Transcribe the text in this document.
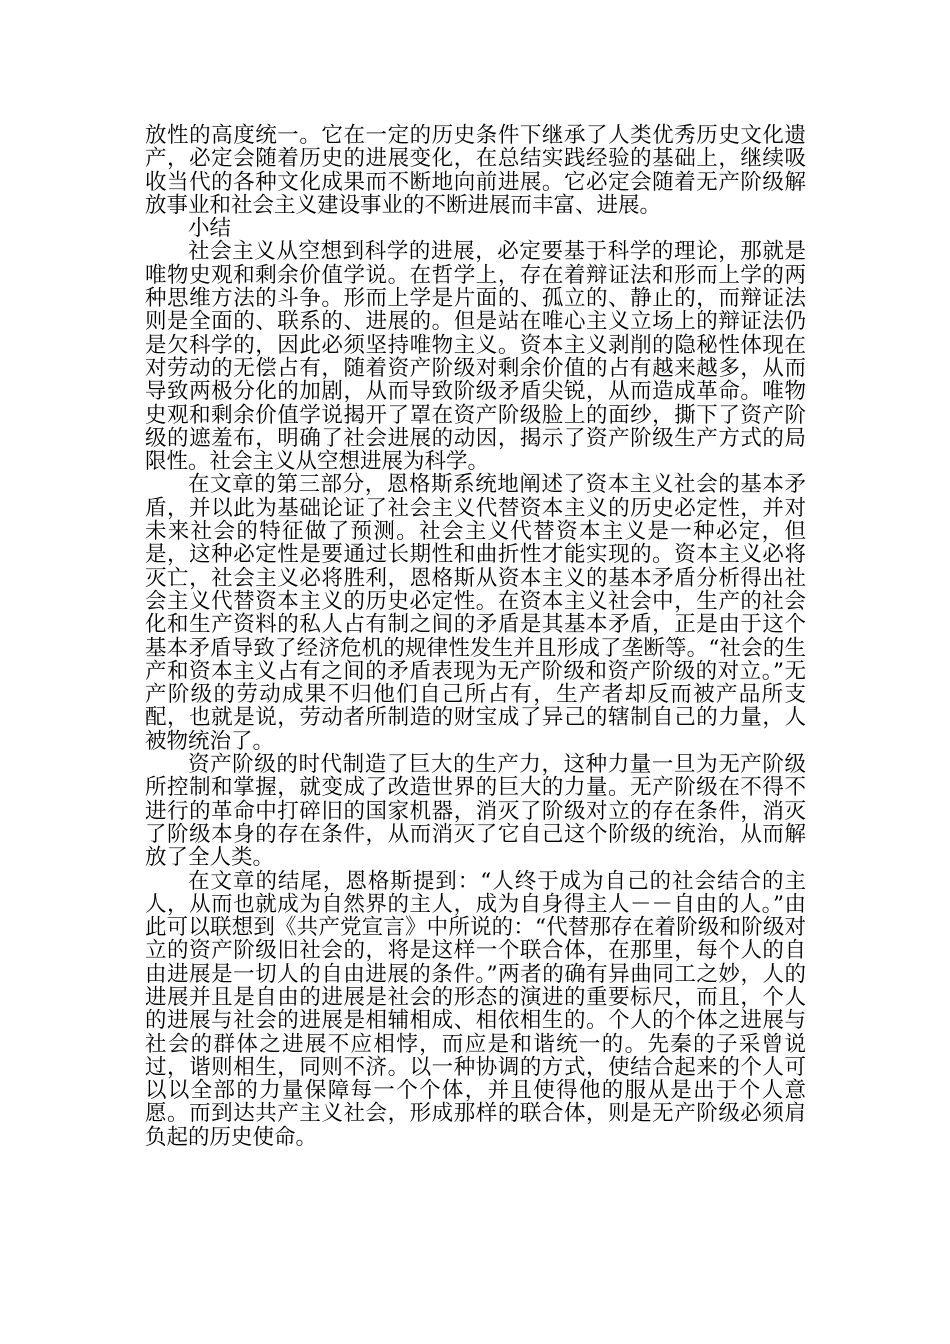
放性的高度统一。它在一定的历史条件下继承了人类优秀历史文化遗产，必定会随着历史的进展变化，在总结实践经验的基础上，继续吸收当代的各种文化成果而不断地向前进展。它必定会随着无产阶级解放事业和社会主义建设事业的不断进展而丰富、进展。

小结

社会主义从空想到科学的进展，必定要基于科学的理论，那就是唯物史观和剩余价值学说。在哲学上，存在着辩证法和形而上学的两种思维方法的斗争。形而上学是片面的、孤立的、静止的，而辩证法则是全面的、联系的、进展的。但是站在唯心主义立场上的辩证法仍是欠科学的，因此必须坚持唯物主义。资本主义剥削的隐秘性体现在对劳动的无偿占有，随着资产阶级对剩余价值的占有越来越多，从而导致两极分化的加剧，从而导致阶级矛盾尖锐，从而造成革命。唯物史观和剩余价值学说揭开了罩在资产阶级脸上的面纱，撕下了资产阶级的遮羞布，明确了社会进展的动因，揭示了资产阶级生产方式的局限性。社会主义从空想进展为科学。

在文章的第三部分，恩格斯系统地阐述了资本主义社会的基本矛盾，并以此为基础论证了社会主义代替资本主义的历史必定性，并对未来社会的特征做了预测。社会主义代替资本主义是一种必定，但是，这种必定性是要通过长期性和曲折性才能实现的。资本主义必将灭亡，社会主义必将胜利，恩格斯从资本主义的基本矛盾分析得出社会主义代替资本主义的历史必定性。在资本主义社会中，生产的社会化和生产资料的私人占有制之间的矛盾是其基本矛盾，正是由于这个基本矛盾导致了经济危机的规律性发生并且形成了垄断等。“社会的生产和资本主义占有之间的矛盾表现为无产阶级和资产阶级的对立。”无产阶级的劳动成果不归他们自己所占有，生产者却反而被产品所支配，也就是说，劳动者所制造的财宝成了异己的辖制自己的力量，人被物统治了。

资产阶级的时代制造了巨大的生产力，这种力量一旦为无产阶级所控制和掌握，就变成了改造世界的巨大的力量。无产阶级在不得不进行的革命中打碎旧的国家机器，消灭了阶级对立的存在条件，消灭了阶级本身的存在条件，从而消灭了它自己这个阶级的统治，从而解放了全人类。

在文章的结尾，恩格斯提到：“人终于成为自己的社会结合的主人，从而也就成为自然界的主人，成为自身得主人－－自由的人。”由此可以联想到《共产党宣言》中所说的：“代替那存在着阶级和阶级对立的资产阶级旧社会的，将是这样一个联合体，在那里，每个人的自由进展是一切人的自由进展的条件。”两者的确有异曲同工之妙，人的进展并且是自由的进展是社会的形态的演进的重要标尺，而且，个人的进展与社会的进展是相辅相成、相依相生的。个人的个体之进展与社会的群体之进展不应相悖，而应是和谐统一的。先秦的子采曾说过，谐则相生，同则不济。以一种协调的方式，使结合起来的个人可以以全部的力量保障每一个个体，并且使得他的服从是出于个人意愿。而到达共产主义社会，形成那样的联合体，则是无产阶级必须肩负起的历史使命。
